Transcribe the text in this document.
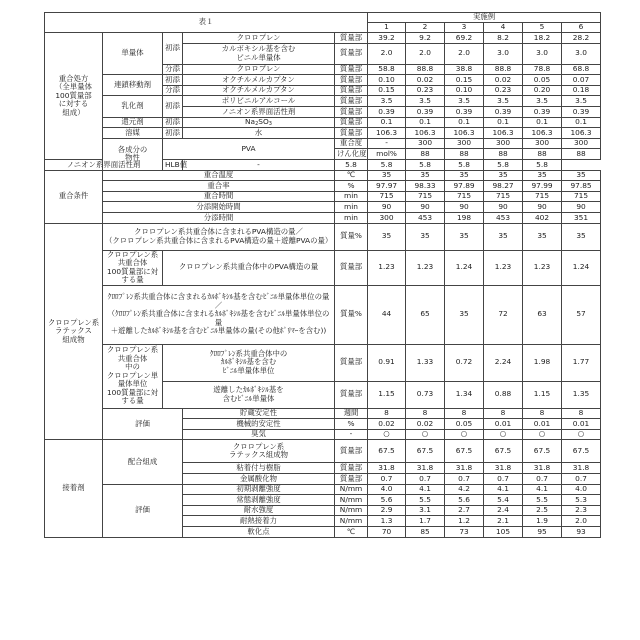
表１	実施例
1	2	3	4	5	6
重合処方
（全単量体
100質量部
に対する
組成）	単量体	初添	クロロプレン	質量部	39.2	9.2	69.2	8.2	18.2	28.2
カルボキシル基を含む
ビニル単量体	質量部	2.0	2.0	2.0	3.0	3.0	3.0
分添	クロロプレン	質量部	58.8	88.8	38.8	88.8	78.8	68.8
連鎖移動剤	初添	オクチルメルカプタン	質量部	0.10	0.02	0.15	0.02	0.05	0.07
分添	オクチルメルカプタン	質量部	0.15	0.23	0.10	0.23	0.20	0.18
乳化剤	初添	ポリビニルアルコール	質量部	3.5	3.5	3.5	3.5	3.5	3.5
ノニオン系界面活性剤	質量部	0.39	0.39	0.39	0.39	0.39	0.39
還元剤	初添	Na2SO3	質量部	0.1	0.1	0.1	0.1	0.1	0.1
溶媒	初添	水	質量部	106.3	106.3	106.3	106.3	106.3	106.3
各成分の
物性	PVA	重合度	-	300	300	300	300	300	
けん化度	mol%	88	88	88	88	88	
ノニオン系界面活性剤	HLB値	-	5.8	5.8	5.8	5.8	5.8	5.8
重合条件	重合温度	℃	35	35	35	35	35	35
重合率	%	97.97	98.33	97.89	98.27	97.99	97.85
重合時間	min	715	715	715	715	715	715
分添開始時間	min	90	90	90	90	90	90
分添時間	min	300	453	198	453	402	351
クロロプレン系
ラテックス
組成物	クロロプレン系共重合体に含まれるPVA構造の量／
（クロロプレン系共重合体に含まれるPVA構造の量＋遊離PVAの量）	質量%	35	35	35	35	35	35
クロロプレン系共重合体
100質量部に対する量	クロロプレン系共重合体中のPVA構造の量	質量部	1.23	1.23	1.24	1.23	1.23	1.24
ｸﾛﾛﾌﾟﾚﾝ系共重合体に含まれるｶﾙﾎﾞｷｼﾙ基を含むﾋﾞﾆﾙ単量体単位の量／
（ｸﾛﾛﾌﾟﾚﾝ系共重合体に含まれるｶﾙﾎﾞｷｼﾙ基を含むﾋﾞﾆﾙ単量体単位の量
＋遊離したｶﾙﾎﾞｷｼﾙ基を含むﾋﾞﾆﾙ単量体の量(その他ﾎﾟﾘﾏｰを含む))	質量%	44	65	35	72	63	57
クロロプレン系共重合体
中の
クロロプレン単量体単位
100質量部に対する量	ｸﾛﾛﾌﾟﾚﾝ系共重合体中の
ｶﾙﾎﾞｷｼﾙ基を含む
ﾋﾞﾆﾙ単量体単位	質量部	0.91	1.33	0.72	2.24	1.98	1.77
遊離したｶﾙﾎﾞｷｼﾙ基を
含むﾋﾞﾆﾙ単量体	質量部	1.15	0.73	1.34	0.88	1.15	1.35
評価	貯蔵安定性	週間	8	8	8	8	8	8
機械的安定性	%	0.02	0.02	0.05	0.01	0.01	0.01
臭気	-	○	○	○	○	○	○
接着剤	配合組成	クロロプレン系
ラテックス組成物	質量部	67.5	67.5	67.5	67.5	67.5	67.5
粘着付与樹脂	質量部	31.8	31.8	31.8	31.8	31.8	31.8
金属酸化物	質量部	0.7	0.7	0.7	0.7	0.7	0.7
評価	初期剥離強度	N/mm	4.0	4.1	4.2	4.1	4.1	4.0
常態剥離強度	N/mm	5.6	5.5	5.6	5.4	5.5	5.3
耐水強度	N/mm	2.9	3.1	2.7	2.4	2.5	2.3
耐熱接着力	N/mm	1.3	1.7	1.2	2.1	1.9	2.0
軟化点	℃	70	85	73	105	95	93
